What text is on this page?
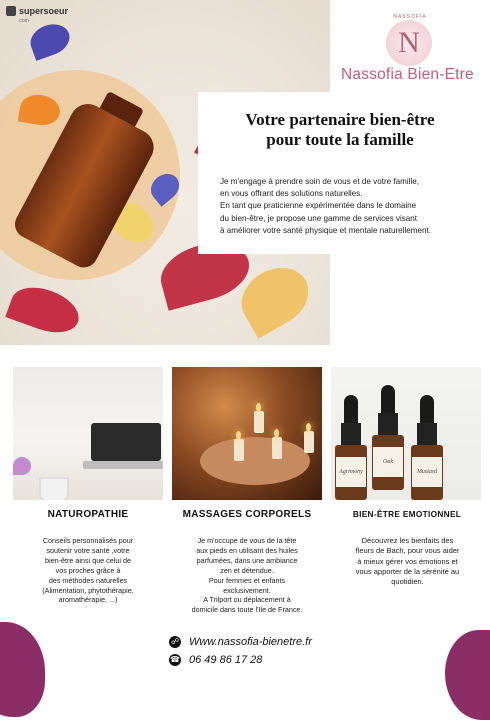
supersoeur
.com
NASSOFIA
N
Nassofia Bien-Etre
Votre partenaire bien-être
pour toute la famille

Je m'engage à prendre soin de vous et de votre famille,

en vous offrant des solutions naturelles.

En tant que praticienne expérimentée dans le domaine

du bien-être, je propose une gamme de services visant

à améliorer votre santé physique et mentale naturellement.

NATUROPATHIE

Conseils personnalisés pour

soutenir votre santé ,votre

bien-être ainsi que celui de

vos proches grâce à

des méthodes naturelles

(Alimentation, phytothérapie,

aromathérapie, ...)

MASSAGES CORPORELS

Je m'occupe de vous de la tête

aux pieds en utilisant des huiles

parfumées, dans une ambiance

zen et détendue.

Pour femmes et enfants

exclusivement.

A Trilport ou déplacement à

domicile dans toute l'Ile de France.

Agrimony
Oak
Mustard
BIEN-ÊTRE EMOTIONNEL

Découvrez les bienfaits des

fleurs de Bach, pour vous aider

à mieux gérer vos émotions et

vous apporter de la sérénité au

quotidien.

☍ Www.nassofia-bienetre.fr
☎ 06 49 86 17 28
